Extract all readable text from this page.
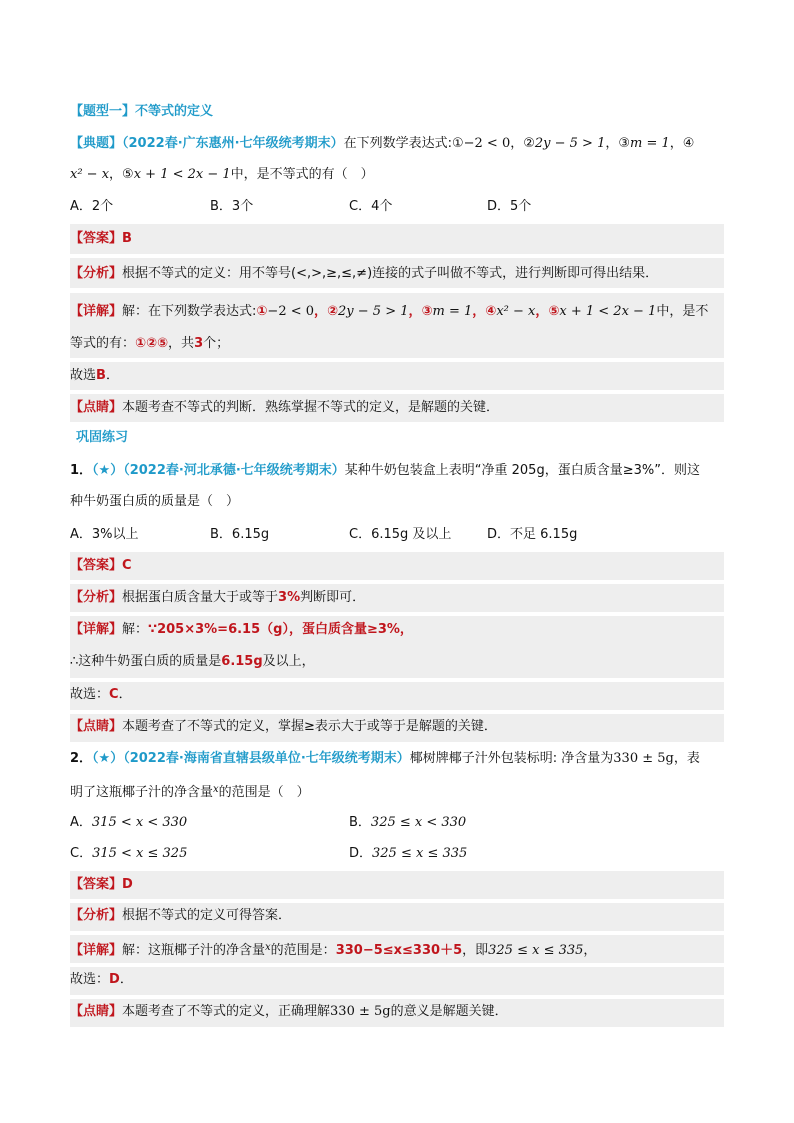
【题型一】不等式的定义
【典题】（2022春·广东惠州·七年级统考期末）在下列数学表达式:①−2 < 0，②2y − 5 > 1，③m = 1，④
x² − x，⑤x + 1 < 2x − 1中，是不等式的有（　）
A．2个	B．3个	C．4个	D．5个
【答案】B
【分析】根据不等式的定义：用不等号(<,>,≥,≤,≠)连接的式子叫做不等式，进行判断即可得出结果．
【详解】解：在下列数学表达式:①−2 < 0，②2y − 5 > 1，③m = 1，④x² − x，⑤x + 1 < 2x − 1中，是不
等式的有：①②⑤，共3个；
故选B．
【点睛】本题考查不等式的判断．熟练掌握不等式的定义，是解题的关键．
巩固练习
1．（★）（2022春·河北承德·七年级统考期末）某种牛奶包装盒上表明“净重 205g，蛋白质含量≥3%”．则这
种牛奶蛋白质的质量是（　）
A．3%以上	B．6.15g	C．6.15g 及以上	D．不足 6.15g
【答案】C
【分析】根据蛋白质含量大于或等于3%判断即可．
【详解】解：∵205×3%=6.15（g），蛋白质含量≥3%，
∴这种牛奶蛋白质的质量是6.15g及以上，
故选：C．
【点睛】本题考查了不等式的定义，掌握≥表示大于或等于是解题的关键．
2．（★）（2022春·海南省直辖县级单位·七年级统考期末）椰树牌椰子汁外包装标明: 净含量为330 ± 5g，表
明了这瓶椰子汁的净含量$^x$的范围是（　）
A．315 < x < 330	B．325 ≤ x < 330
C．315 < x ≤ 325	D．325 ≤ x ≤ 335
【答案】D
【分析】根据不等式的定义可得答案．
【详解】解：这瓶椰子汁的净含量$^x$的范围是：330−5≤x≤330＋5，即325 ≤ x ≤ 335，
故选：D．
【点睛】本题考查了不等式的定义，正确理解330 ± 5g的意义是解题关键．
